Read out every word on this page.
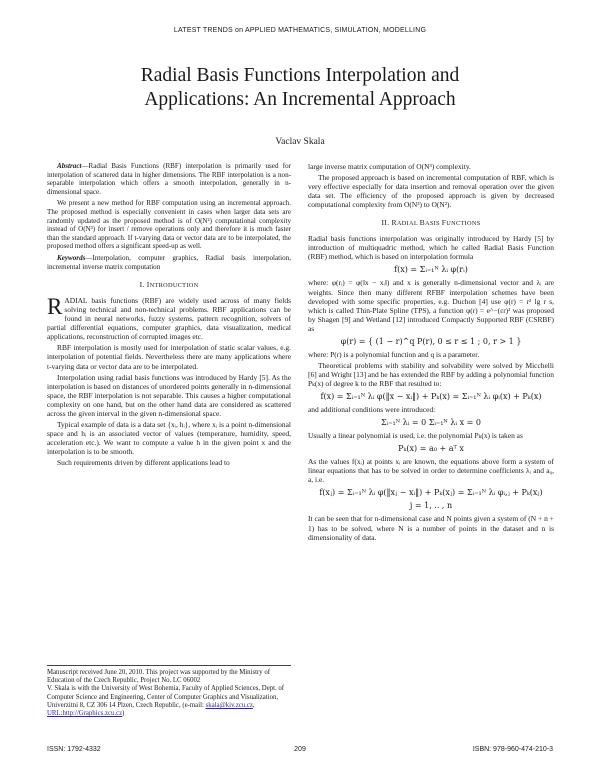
LATEST TRENDS on APPLIED MATHEMATICS, SIMULATION, MODELLING
Radial Basis Functions Interpolation and
Applications: An Incremental Approach
Vaclav Skala

Abstract—Radial Basis Functions (RBF) interpolation is primarily used for interpolation of scattered data in higher dimensions. The RBF interpolation is a non-separable interpolation which offers a smooth interpolation, generally in n-dimensional space.

We present a new method for RBF computation using an incremental approach. The proposed method is especially convenient in cases when larger data sets are randomly updated as the proposed method is of O(N²) computational complexity instead of O(N³) for insert / remove operations only and therefore it is much faster than the standard approach. If t-varying data or vector data are to be interpolated, the proposed method offers a significant speed-up as well.

Keywords—Interpolation, computer graphics, Radial basis interpolation, incremental inverse matrix computation

I. INTRODUCTION

RADIAL basis functions (RBF) are widely used across of many fields solving technical and non-technical problems. RBF applications can be found in neural networks, fuzzy systems, pattern recognition, solvers of partial differential equations, computer graphics, data visualization, medical applications, reconstruction of corrupted images etc.

RBF interpolation is mostly used for interpolation of static scalar values, e.g. interpolation of potential fields. Nevertheless there are many applications where t-varying data or vector data are to be interpolated.

Interpolation using radial basis functions was introduced by Hardy [5]. As the interpolation is based on distances of unordered points generally in n-dimensional space, the RBF interpolation is not separable. This causes a higher computational complexity on one hand, but on the other hand data are considered as scattered across the given interval in the given n-dimensional space.

Typical example of data is a data set {xᵢ, hᵢ}, where xᵢ is a point n-dimensional space and hᵢ is an associated vector of values (temperature, humidity, speed, acceleration etc.). We want to compute a value h in the given point x and the interpolation is to be smooth.

Such requirements driven by different applications lead to

Manuscript received June 20, 2010. This project was supported by the Ministry of Education of the Czech Republic, Project No. LC 06002

V. Skala is with the University of West Bohemia, Faculty of Applied Sciences, Dept. of Computer Science and Engineering, Center of Computer Graphics and Visualization, Univerzitni 8, CZ 306 14 Plzen, Czech Republic, (e-mail: skala@kiv.zcu.cz, URL:http://Graphics.zcu.cz)

large inverse matrix computation of O(N³) complexity.

The proposed approach is based on incremental computation of RBF, which is very effective especially for data insertion and removal operation over the given data set. The efficiency of the proposed approach is given by decreased computational complexity from O(N³) to O(N²).

II. RADIAL BASIS FUNCTIONS

Radial basis functions interpolation was originally introduced by Hardy [5] by introduction of multiquadric method, which he called Radial Basis Function (RBF) method, which is based on interpolation formula

f(x) = Σᵢ₌₁ᴺ λᵢ φ(rᵢ)

where: φ(rᵢ) = φ(‖x − xᵢ‖) and x is generally n-dimensional vector and λᵢ are weights. Since then many different RFBF interpolation schemes have been developed with some specific properties, e.g. Duchon [4] use φ(r) = r² lg r s, which is called Thin-Plate Spline (TPS), a function φ(r) = e^−(εr)² was proposed by Shagen [9] and Wetland [12] introduced Compactly Supported RBF (CSRBF) as

φ(r) = { (1 − r)^q P(r), 0 ≤ r ≤ 1 ; 0, r > 1 }

where: P(r) is a polynomial function and q is a parameter.

Theoretical problems with stability and solvability were solved by Micchelli [6] and Wright [13] and he has extended the RBF by adding a polynomial function Pₖ(x) of degree k to the RBF that resulted to:

f(x) = Σᵢ₌₁ᴺ λᵢ φ(‖x − xᵢ‖) + Pₖ(x) = Σᵢ₌₁ᴺ λᵢ φᵢ(x) + Pₖ(x)

and additional conditions were introduced:

Σᵢ₌₁ᴺ λᵢ = 0 Σᵢ₌₁ᴺ λᵢ x = 0

Usually a linear polynomial is used, i.e. the polynomial Pₖ(x) is taken as

Pₖ(x) = a₀ + aᵀ x

As the values f(xᵢ) at points xᵢ are known, the equations above form a system of linear equations that has to be solved in order to determine coefficients λᵢ and a₀, a, i.e.

f(xⱼ) = Σᵢ₌₁ᴺ λᵢ φ(‖xⱼ − xᵢ‖) + Pₖ(xⱼ) = Σᵢ₌₁ᴺ λᵢ φᵢ,ⱼ + Pₖ(xⱼ)
j = 1, .. , n

It can be seen that for n-dimensional case and N points given a system of (N + n + 1) has to be solved, where N is a number of points in the dataset and n is dimensionality of data.

ISSN: 1792-4332	209	ISBN: 978-960-474-210-3
